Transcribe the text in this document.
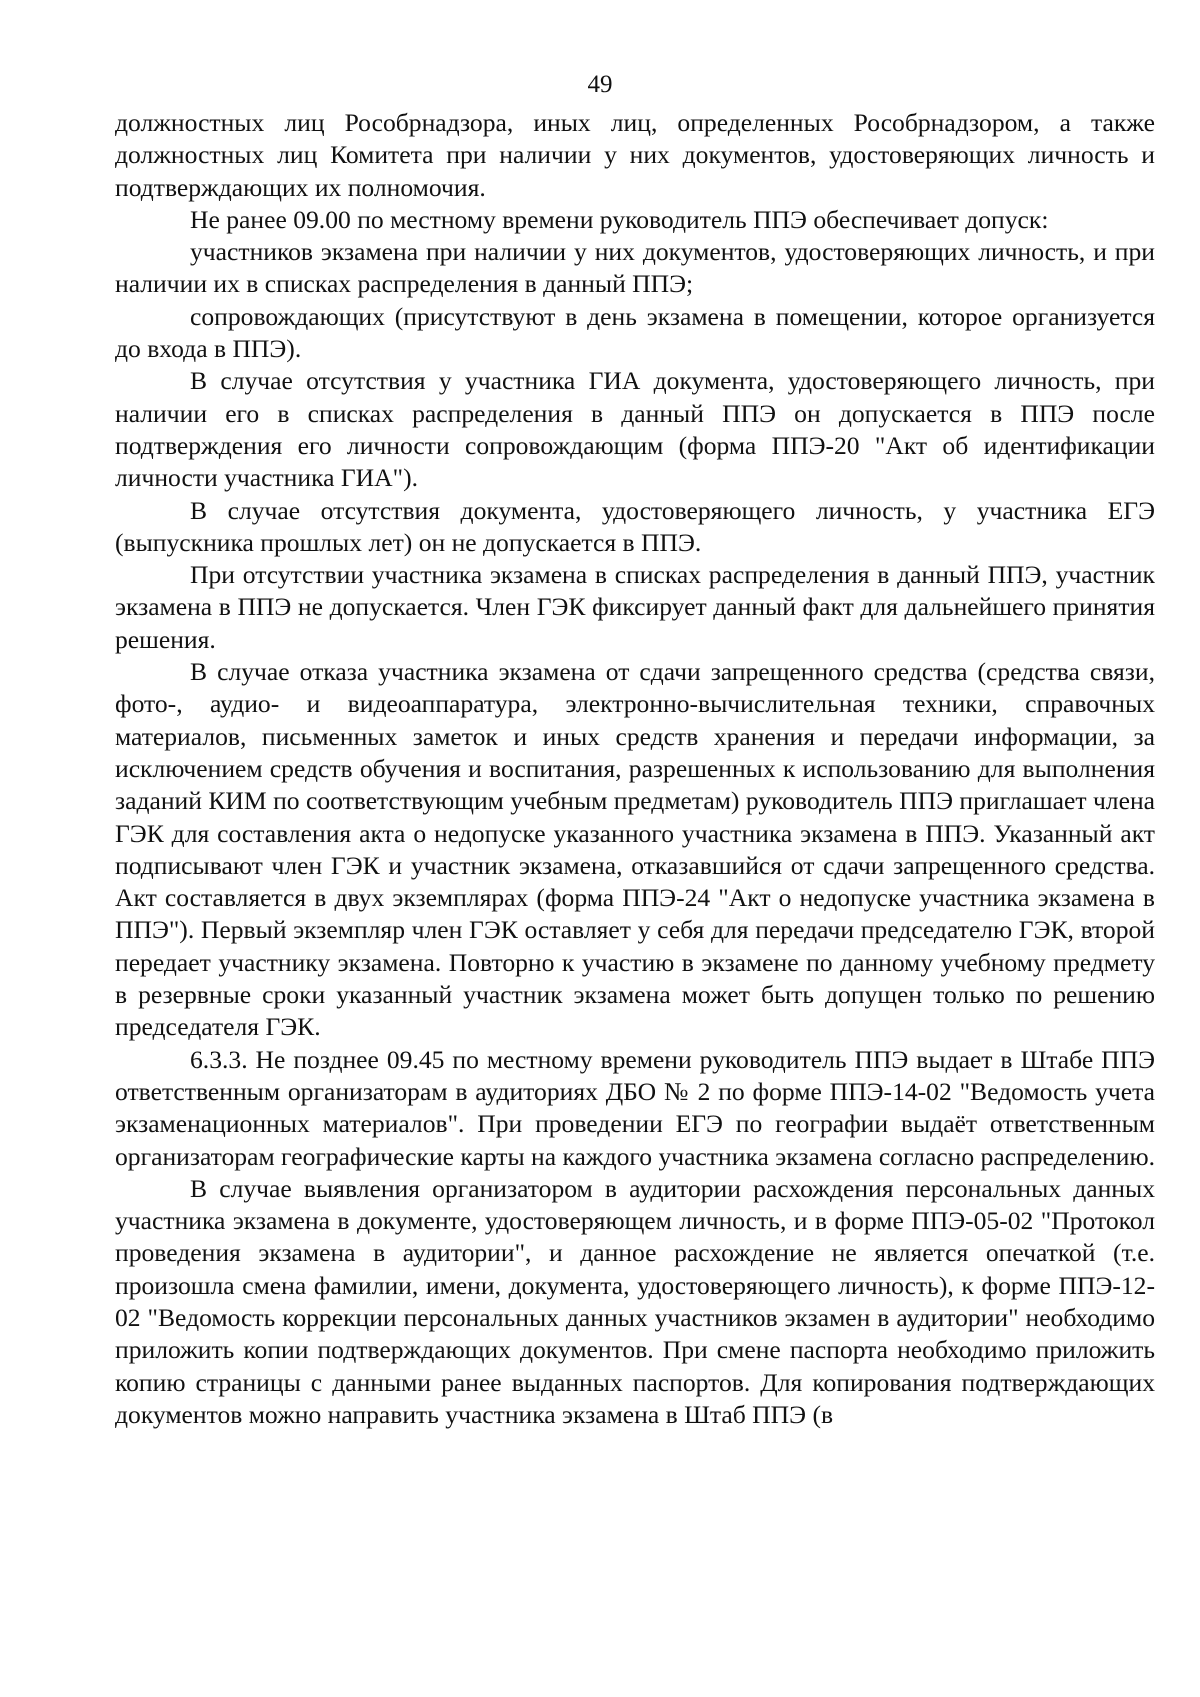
49

должностных лиц Рособрнадзора, иных лиц, определенных Рособрнадзором, а также должностных лиц Комитета при наличии у них документов, удостоверяющих личность и подтверждающих их полномочия.

Не ранее 09.00 по местному времени руководитель ППЭ обеспечивает допуск:

участников экзамена при наличии у них документов, удостоверяющих личность, и при наличии их в списках распределения в данный ППЭ;

сопровождающих (присутствуют в день экзамена в помещении, которое организуется до входа в ППЭ).

В случае отсутствия у участника ГИА документа, удостоверяющего личность, при наличии его в списках распределения в данный ППЭ он допускается в ППЭ после подтверждения его личности сопровождающим (форма ППЭ-20 "Акт об идентификации личности участника ГИА").

В случае отсутствия документа, удостоверяющего личность, у участника ЕГЭ (выпускника прошлых лет) он не допускается в ППЭ.

При отсутствии участника экзамена в списках распределения в данный ППЭ, участник экзамена в ППЭ не допускается. Член ГЭК фиксирует данный факт для дальнейшего принятия решения.

В случае отказа участника экзамена от сдачи запрещенного средства (средства связи, фото-, аудио- и видеоаппаратура, электронно-вычислительная техники, справочных материалов, письменных заметок и иных средств хранения и передачи информации, за исключением средств обучения и воспитания, разрешенных к использованию для выполнения заданий КИМ по соответствующим учебным предметам) руководитель ППЭ приглашает члена ГЭК для составления акта о недопуске указанного участника экзамена в ППЭ. Указанный акт подписывают член ГЭК и участник экзамена, отказавшийся от сдачи запрещенного средства. Акт составляется в двух экземплярах (форма ППЭ-24 "Акт о недопуске участника экзамена в ППЭ"). Первый экземпляр член ГЭК оставляет у себя для передачи председателю ГЭК, второй передает участнику экзамена. Повторно к участию в экзамене по данному учебному предмету в резервные сроки указанный участник экзамена может быть допущен только по решению председателя ГЭК.

6.3.3. Не позднее 09.45 по местному времени руководитель ППЭ выдает в Штабе ППЭ ответственным организаторам в аудиториях ДБО № 2 по форме ППЭ-14-02 "Ведомость учета экзаменационных материалов". При проведении ЕГЭ по географии выдаёт ответственным организаторам географические карты на каждого участника экзамена согласно распределению.

В случае выявления организатором в аудитории расхождения персональных данных участника экзамена в документе, удостоверяющем личность, и в форме ППЭ-05-02 "Протокол проведения экзамена в аудитории", и данное расхождение не является опечаткой (т.е. произошла смена фамилии, имени, документа, удостоверяющего личность), к форме ППЭ-12-02 "Ведомость коррекции персональных данных участников экзамен в аудитории" необходимо приложить копии подтверждающих документов. При смене паспорта необходимо приложить копию страницы с данными ранее выданных паспортов. Для копирования подтверждающих документов можно направить участника экзамена в Штаб ППЭ (в
